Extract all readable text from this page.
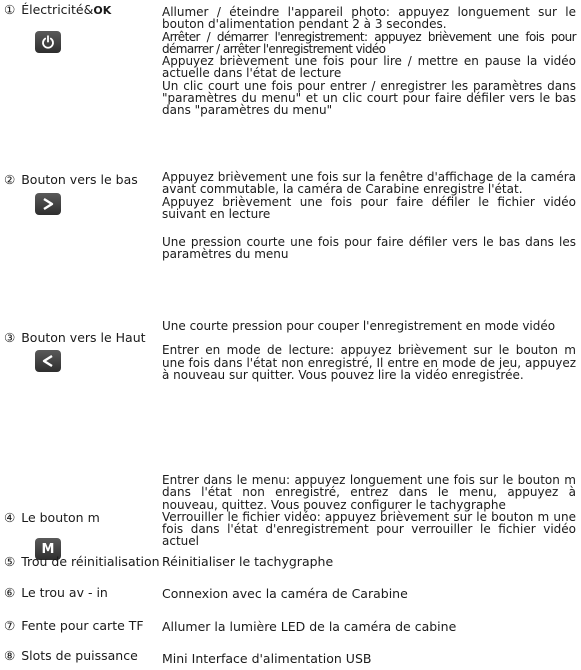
① Électricité&OK	Allumer / éteindre l'appareil photo: appuyez longuement sur le bouton d'alimentation pendant 2 à 3 secondes.

Arrêter / démarrer l'enregistrement: appuyez brièvement une fois pour démarrer / arrêter l'enregistrement vidéo

Appuyez brièvement une fois pour lire / mettre en pause la vidéo actuelle dans l'état de lecture

Un clic court une fois pour entrer / enregistrer les paramètres dans "paramètres du menu" et un clic court pour faire défiler vers le bas dans "paramètres du menu"

② Bouton vers le bas Appuyez brièvement une fois sur la fenêtre d'affichage de la caméra avant commutable, la caméra de Carabine enregistre l'état.

Appuyez brièvement une fois pour faire défiler le fichier vidéo suivant en lecture

Une pression courte une fois pour faire défiler vers le bas dans les paramètres du menu

③ Bouton vers le Haut

Une courte pression pour couper l'enregistrement en mode vidéo

Entrer en mode de lecture: appuyez brièvement sur le bouton m une fois dans l'état non enregistré, Il entre en mode de jeu, appuyez à nouveau sur quitter. Vous pouvez lire la vidéo enregistrée.

④ Le bouton m
M

Entrer dans le menu: appuyez longuement une fois sur le bouton m dans l'état non enregistré, entrez dans le menu, appuyez à nouveau, quittez. Vous pouvez configurer le tachygraphe

Verrouiller le fichier vidéo: appuyez brièvement sur le bouton m une fois dans l'état d'enregistrement pour verrouiller le fichier vidéo actuel

⑤ Trou de réinitialisation Réinitialiser le tachygraphe
⑥ Le trou av - in	Connexion avec la caméra de Carabine
⑦ Fente pour carte TF Allumer la lumière LED de la caméra de cabine
⑧ Slots de puissance Mini Interface d'alimentation USB
